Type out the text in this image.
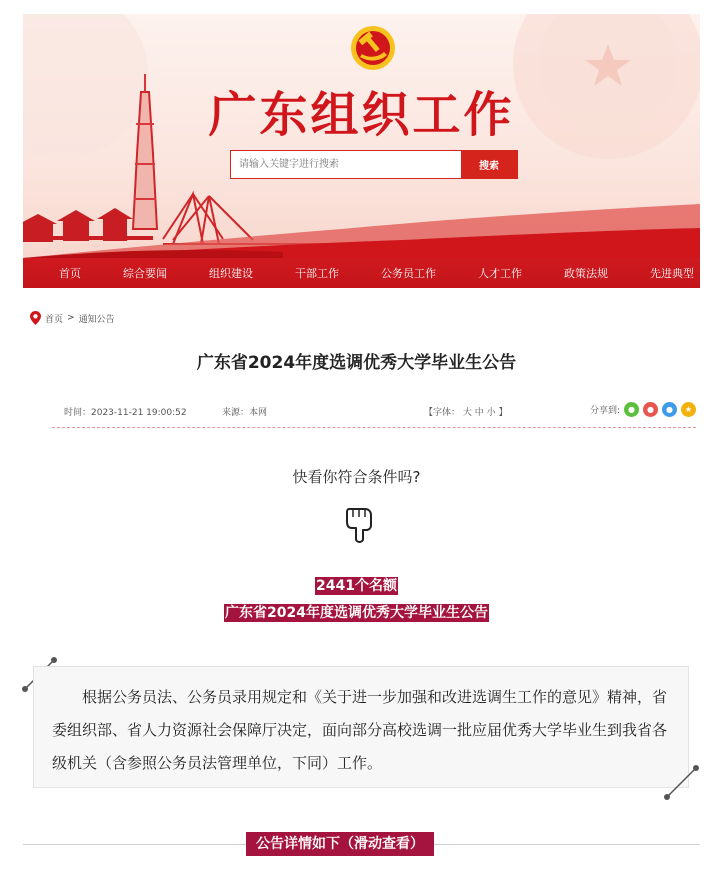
广东组织工作
请输入关键字进行搜索
搜索
首页	综合要闻	组织建设	干部工作	公务员工作	人才工作	政策法规	先进典型
首页 > 通知公告
广东省2024年度选调优秀大学毕业生公告
时间：2023-11-21 19:00:52	来源：本网	【字体： 大 中 小 】	分享到:	●	●	●	★
快看你符合条件吗?
2441个名额
广东省2024年度选调优秀大学毕业生公告

根据公务员法、公务员录用规定和《关于进一步加强和改进选调生工作的意见》精神，省委组织部、省人力资源社会保障厅决定，面向部分高校选调一批应届优秀大学毕业生到我省各级机关（含参照公务员法管理单位，下同）工作。

公告详情如下（滑动查看）
